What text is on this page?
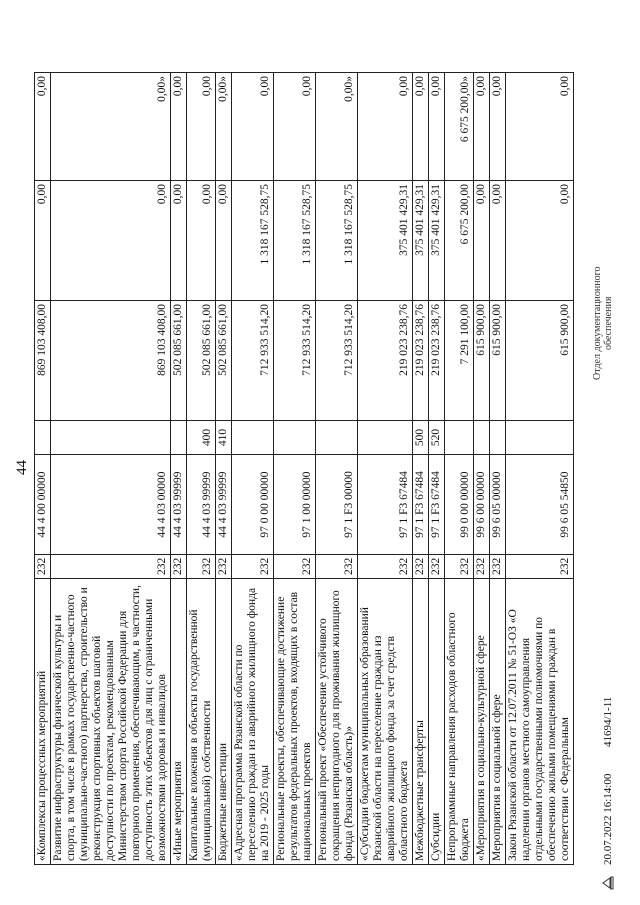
44
«Комплексы процессных мероприятий	232	44 4 00 00000		869 103 408,00	0,00	0,00
Развитие инфраструктуры физической культуры и спорта, в том числе в рамках государственно-частного (муниципально-частного) партнерства, строительство и реконструкция спортивных объектов шаговой доступности по проектам, рекомендованным Министерством спорта Российской Федерации для повторного применения, обеспечивающим, в частности, доступность этих объектов для лиц с ограниченными возможностями здоровья и инвалидов	232	44 4 03 00000		869 103 408,00	0,00	0,00»
«Иные мероприятия	232	44 4 03 99999		502 085 661,00	0,00	0,00
Капитальные вложения в объекты государственной (муниципальной) собственности	232	44 4 03 99999	400	502 085 661,00	0,00	0,00
Бюджетные инвестиции	232	44 4 03 99999	410	502 085 661,00	0,00	0,00»
«Адресная программа Рязанской области по переселению граждан из аварийного жилищного фонда на 2019 - 2025 годы	232	97 0 00 00000		712 933 514,20	1 318 167 528,75	0,00
Региональные проекты, обеспечивающие достижение результатов федеральных проектов, входящих в состав национальных проектов	232	97 1 00 00000		712 933 514,20	1 318 167 528,75	0,00
Региональный проект «Обеспечение устойчивого сокращения непригодного для проживания жилищного фонда (Рязанская область)»	232	97 1 F3 00000		712 933 514,20	1 318 167 528,75	0,00»
«Субсидии бюджетам муниципальных образований Рязанской области на переселение граждан из аварийного жилищного фонда за счет средств областного бюджета	232	97 1 F3 67484		219 023 238,76	375 401 429,31	0,00
Межбюджетные трансферты	232	97 1 F3 67484	500	219 023 238,76	375 401 429,31	0,00
Субсидии	232	97 1 F3 67484	520	219 023 238,76	375 401 429,31	0,00
Непрограммные направления расходов областного бюджета	232	99 0 00 00000		7 291 100,00	6 675 200,00	6 675 200,00»
«Мероприятия в социально-культурной сфере	232	99 6 00 00000		615 900,00	0,00	0,00
Мероприятия в социальной сфере	232	99 6 05 00000		615 900,00	0,00	0,00
Закон Рязанской области от 12.07.2011 № 51-ОЗ «О наделении органов местного самоуправления отдельными государственными полномочиями по обеспечению жилыми помещениями граждан в соответствии с Федеральным	232	99 6 05 54850		615 900,00	0,00	0,00
20.07.2022 16:14:00
41694/1-11
Отдел документационного обеспечения
